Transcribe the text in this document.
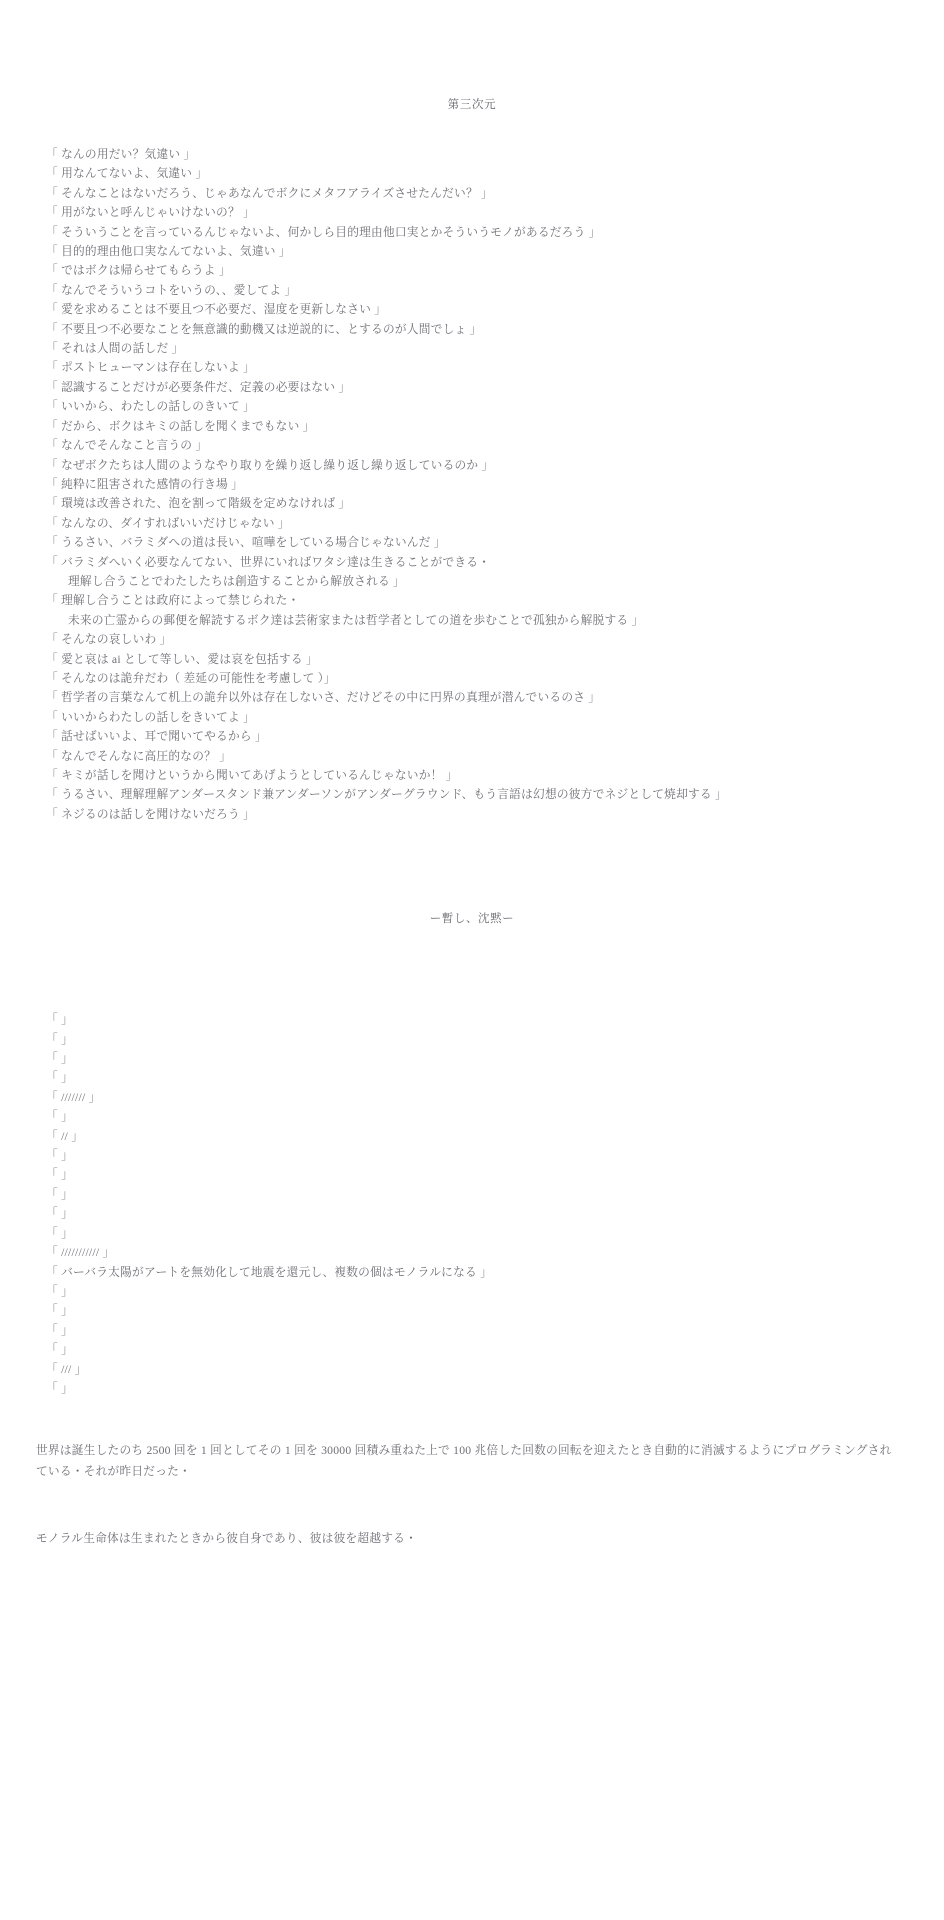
第三次元
「 なんの用だい？気違い 」
「 用なんてないよ、気違い 」
「 そんなことはないだろう、じゃあなんでボクにメタフアライズさせたんだい？ 」
「 用がないと呼んじゃいけないの？ 」
「 そういうことを言っているんじゃないよ、何かしら目的理由他口実とかそういうモノがあるだろう 」
「 目的的理由他口実なんてないよ、気違い 」
「 ではボクは帰らせてもらうよ 」
「 なんでそういうコトをいうの、、愛してよ 」
「 愛を求めることは不要且つ不必要だ、湿度を更新しなさい 」
「 不要且つ不必要なことを無意識的動機又は逆説的に、とするのが人間でしょ 」
「 それは人間の話しだ 」
「 ポストヒューマンは存在しないよ 」
「 認識することだけが必要条件だ、定義の必要はない 」
「 いいから、わたしの話しのきいて 」
「 だから、ボクはキミの話しを聞くまでもない 」
「 なんでそんなこと言うの 」
「 なぜボクたちは人間のようなやり取りを繰り返し繰り返し繰り返しているのか 」
「 純粋に阻害された感情の行き場 」
「 環境は改善された、泡を割って階級を定めなければ 」
「 なんなの、ダイすればいいだけじゃない 」
「 うるさい、バラミダへの道は長い、喧嘩をしている場合じゃないんだ 」
「 バラミダへいく必要なんてない、世界にいればワタシ達は生きることができる・
理解し合うことでわたしたちは創造することから解放される 」
「 理解し合うことは政府によって禁じられた・
未来の亡霊からの郵便を解読するボク達は芸術家または哲学者としての道を歩むことで孤独から解脱する 」
「 そんなの哀しいわ 」
「 愛と哀は ai として等しい、愛は哀を包括する 」
「 そんなのは詭弁だわ（ 差延の可能性を考慮して ）」
「 哲学者の言葉なんて机上の詭弁以外は存在しないさ、だけどその中に円界の真理が潜んでいるのさ 」
「 いいからわたしの話しをきいてよ 」
「 話せばいいよ、耳で聞いてやるから 」
「 なんでそんなに高圧的なの？ 」
「 キミが話しを聞けというから聞いてあげようとしているんじゃないか！ 」
「 うるさい、理解理解アンダースタンド兼アンダーソンがアンダーグラウンド、もう言語は幻想の彼方でネジとして焼却する 」
「 ネジるのは話しを聞けないだろう 」
ー暫し、沈黙ー
「 」
「 」
「 」
「 」
「 /////// 」
「 」
「 // 」
「 」
「 」
「 」
「 」
「 」
「 /////////// 」
「 バーバラ太陽がアートを無効化して地震を還元し、複数の個はモノラルになる 」
「 」
「 」
「 」
「 」
「 /// 」
「 」
世界は誕生したのち 2500 回を 1 回としてその 1 回を 30000 回積み重ねた上で 100 兆倍した回数の回転を迎えたとき自動的に消滅するようにプログラミングされている・それが昨日だった・
モノラル生命体は生まれたときから彼自身であり、彼は彼を超越する・
